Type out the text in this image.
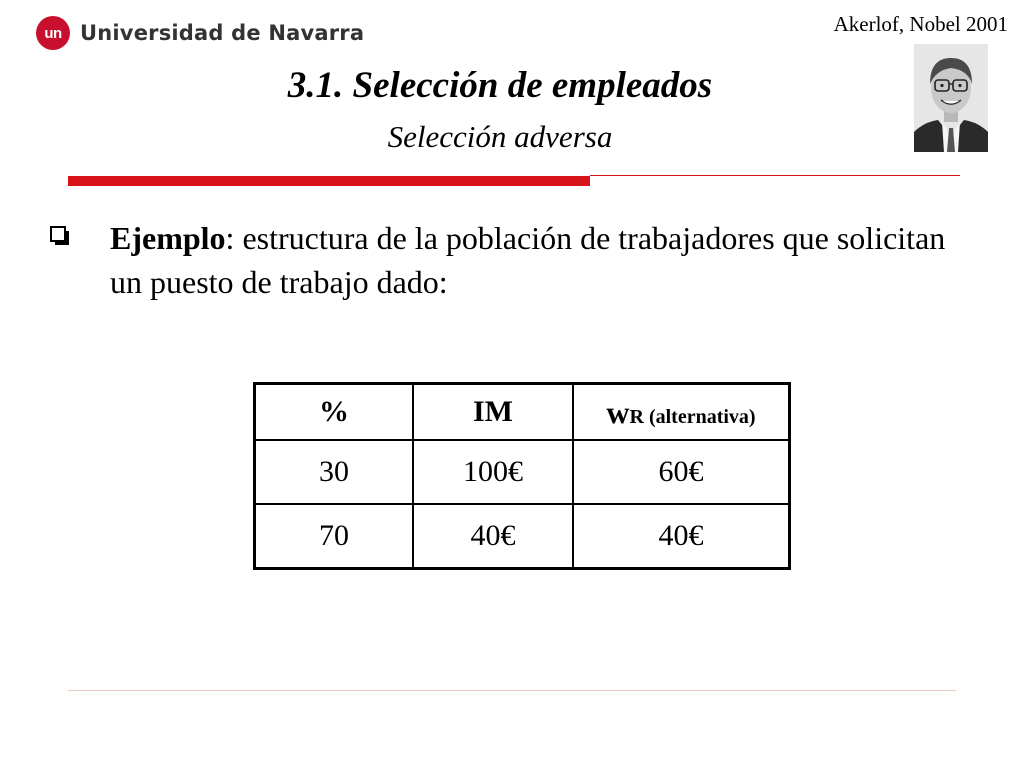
un Universidad de Navarra	Akerlof, Nobel 2001
3.1. Selección de empleados
Selección adversa
Ejemplo: estructura de la población de trabajadores que solicitan un puesto de trabajo dado:
%	IM	wR (alternativa)
30	100€	60€
70	40€	40€
